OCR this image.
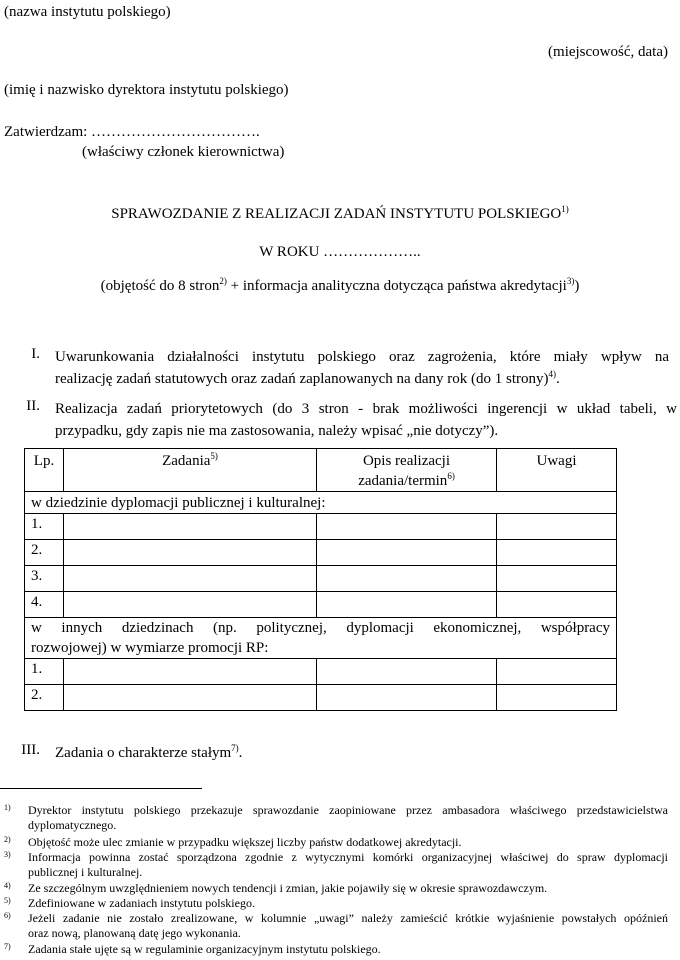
(nazwa instytutu polskiego)
(miejscowość, data)
(imię i nazwisko dyrektora instytutu polskiego)
Zatwierdzam: …………………………….
(właściwy członek kierownictwa)
SPRAWOZDANIE Z REALIZACJI ZADAŃ INSTYTUTU POLSKIEGO$^{1)}$
W ROKU ………………..
(objętość do 8 stron$^{2)}$ + informacja analityczna dotycząca państwa akredytacji$^{3)}$)
I. Uwarunkowania działalności instytutu polskiego oraz zagrożenia, które miały wpływ na
realizację zadań statutowych oraz zadań zaplanowanych na dany rok (do 1 strony)$^{4)}$.
II. Realizacja zadań priorytetowych (do 3 stron - brak możliwości ingerencji w układ tabeli, w
przypadku, gdy zapis nie ma zastosowania, należy wpisać „nie dotyczy”).
Lp.	Zadania$^{5)}$	Opis realizacji
zadania/termin$^{6)}$	Uwagi
w dziedzinie dyplomacji publicznej i kulturalnej:			
1.			
2.			
3.			
4.			

w innych dziedzinach (np. politycznej, dyplomacji ekonomicznej, współpracy
rozwojowej) w wymiarze promocji RP:			
1.			
2.			
III. Zadania o charakterze stałym$^{7)}$.
1) Dyrektor instytutu polskiego przekazuje sprawozdanie zaopiniowane przez ambasadora właściwego przedstawicielstwa
dyplomatycznego.
2) Objętość może ulec zmianie w przypadku większej liczby państw dodatkowej akredytacji.
3) Informacja powinna zostać sporządzona zgodnie z wytycznymi komórki organizacyjnej właściwej do spraw dyplomacji
publicznej i kulturalnej.
4) Ze szczególnym uwzględnieniem nowych tendencji i zmian, jakie pojawiły się w okresie sprawozdawczym.
5) Zdefiniowane w zadaniach instytutu polskiego.
6) Jeżeli zadanie nie zostało zrealizowane, w kolumnie „uwagi” należy zamieścić krótkie wyjaśnienie powstałych opóźnień
oraz nową, planowaną datę jego wykonania.
7) Zadania stałe ujęte są w regulaminie organizacyjnym instytutu polskiego.
